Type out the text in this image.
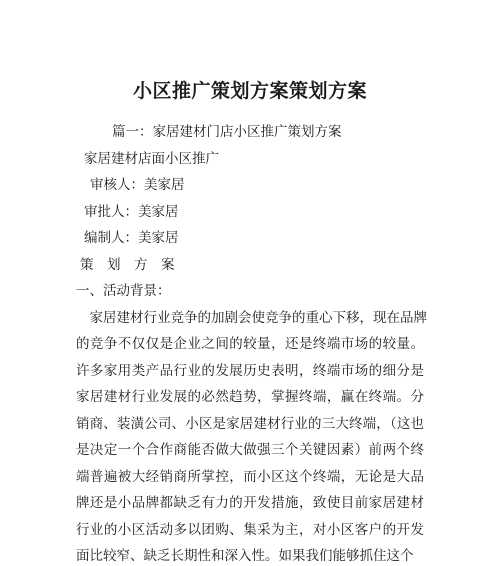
小区推广策划方案策划方案
篇一：家居建材门店小区推广策划方案
家居建材店面小区推广
审核人：美家居
审批人：美家居
编制人：美家居
策　划　方　案
一、活动背景：
　家居建材行业竞争的加剧会使竞争的重心下移，现在品牌
的竞争不仅仅是企业之间的较量，还是终端市场的较量。
许多家用类产品行业的发展历史表明，终端市场的细分是
家居建材行业发展的必然趋势，掌握终端，赢在终端。分
销商、装潢公司、小区是家居建材行业的三大终端，（这也
是决定一个合作商能否做大做强三个关键因素）前两个终
端普遍被大经销商所掌控，而小区这个终端，无论是大品
牌还是小品牌都缺乏有力的开发措施，致使目前家居建材
行业的小区活动多以团购、集采为主，对小区客户的开发
面比较窄、缺乏长期性和深入性。如果我们能够抓住这个
